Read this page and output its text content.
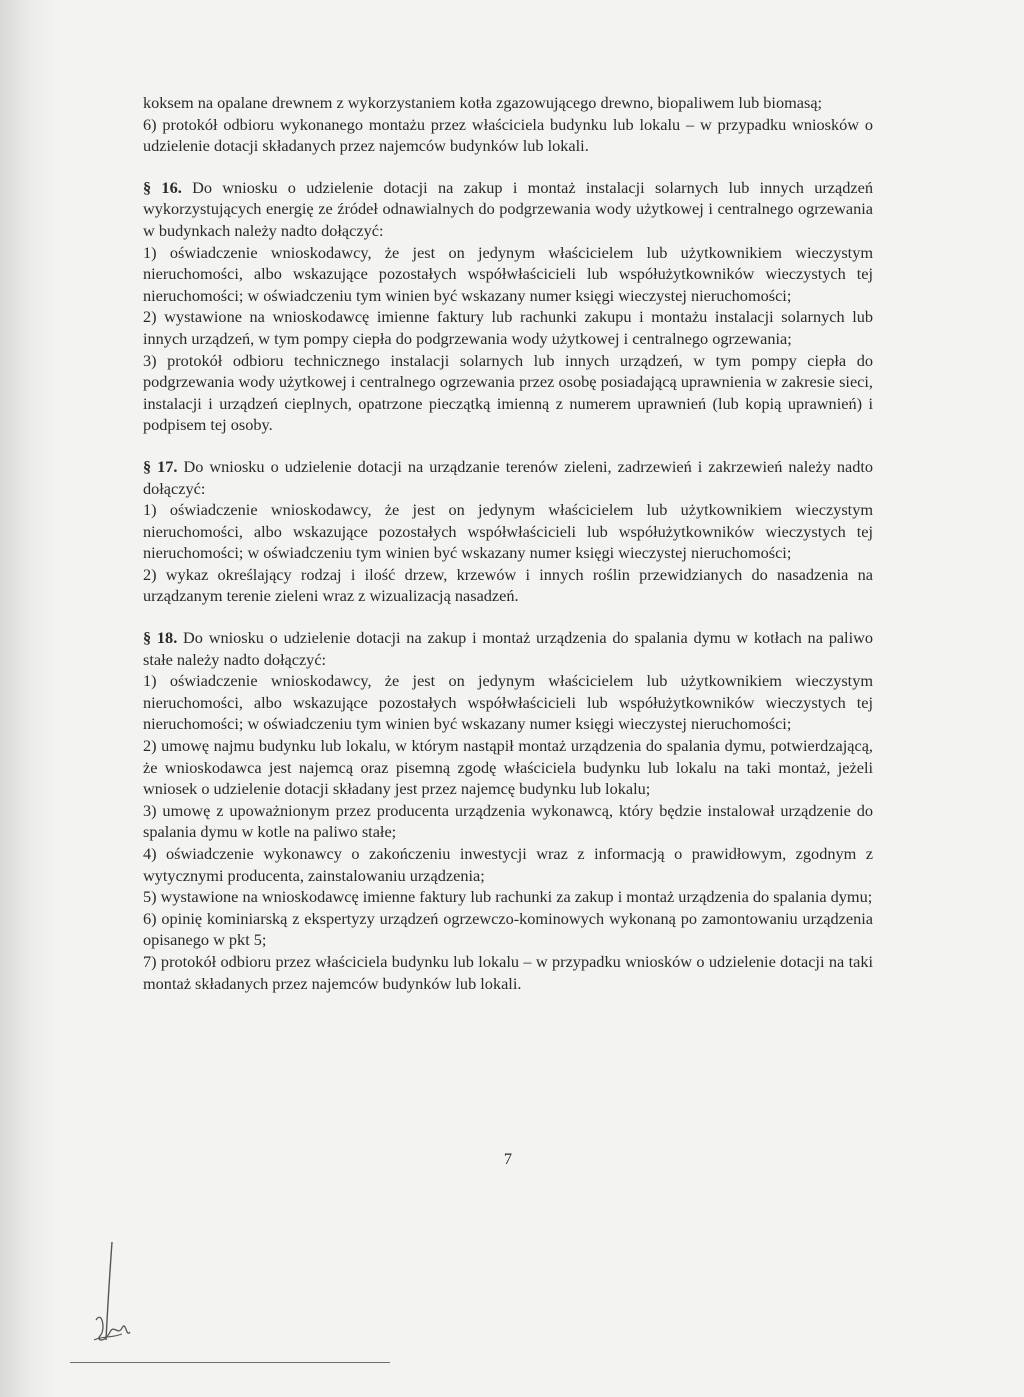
koksem na opalane drewnem z wykorzystaniem kotła zgazowującego drewno, biopaliwem lub biomasą;

6) protokół odbioru wykonanego montażu przez właściciela budynku lub lokalu – w przypadku wniosków o udzielenie dotacji składanych przez najemców budynków lub lokali.

§ 16. Do wniosku o udzielenie dotacji na zakup i montaż instalacji solarnych lub innych urządzeń wykorzystujących energię ze źródeł odnawialnych do podgrzewania wody użytkowej i centralnego ogrzewania w budynkach należy nadto dołączyć:

1) oświadczenie wnioskodawcy, że jest on jedynym właścicielem lub użytkownikiem wieczystym nieruchomości, albo wskazujące pozostałych współwłaścicieli lub współużytkowników wieczystych tej nieruchomości; w oświadczeniu tym winien być wskazany numer księgi wieczystej nieruchomości;

2) wystawione na wnioskodawcę imienne faktury lub rachunki zakupu i montażu instalacji solarnych lub innych urządzeń, w tym pompy ciepła do podgrzewania wody użytkowej i centralnego ogrzewania;

3) protokół odbioru technicznego instalacji solarnych lub innych urządzeń, w tym pompy ciepła do podgrzewania wody użytkowej i centralnego ogrzewania przez osobę posiadającą uprawnienia w zakresie sieci, instalacji i urządzeń cieplnych, opatrzone pieczątką imienną z numerem uprawnień (lub kopią uprawnień) i podpisem tej osoby.

§ 17. Do wniosku o udzielenie dotacji na urządzanie terenów zieleni, zadrzewień i zakrzewień należy nadto dołączyć:

1) oświadczenie wnioskodawcy, że jest on jedynym właścicielem lub użytkownikiem wieczystym nieruchomości, albo wskazujące pozostałych współwłaścicieli lub współużytkowników wieczystych tej nieruchomości; w oświadczeniu tym winien być wskazany numer księgi wieczystej nieruchomości;

2) wykaz określający rodzaj i ilość drzew, krzewów i innych roślin przewidzianych do nasadzenia na urządzanym terenie zieleni wraz z wizualizacją nasadzeń.

§ 18. Do wniosku o udzielenie dotacji na zakup i montaż urządzenia do spalania dymu w kotłach na paliwo stałe należy nadto dołączyć:

1) oświadczenie wnioskodawcy, że jest on jedynym właścicielem lub użytkownikiem wieczystym nieruchomości, albo wskazujące pozostałych współwłaścicieli lub współużytkowników wieczystych tej nieruchomości; w oświadczeniu tym winien być wskazany numer księgi wieczystej nieruchomości;

2) umowę najmu budynku lub lokalu, w którym nastąpił montaż urządzenia do spalania dymu, potwierdzającą, że wnioskodawca jest najemcą oraz pisemną zgodę właściciela budynku lub lokalu na taki montaż, jeżeli wniosek o udzielenie dotacji składany jest przez najemcę budynku lub lokalu;

3) umowę z upoważnionym przez producenta urządzenia wykonawcą, który będzie instalował urządzenie do spalania dymu w kotle na paliwo stałe;

4) oświadczenie wykonawcy o zakończeniu inwestycji wraz z informacją o prawidłowym, zgodnym z wytycznymi producenta, zainstalowaniu urządzenia;

5) wystawione na wnioskodawcę imienne faktury lub rachunki za zakup i montaż urządzenia do spalania dymu;

6) opinię kominiarską z ekspertyzy urządzeń ogrzewczo-kominowych wykonaną po zamontowaniu urządzenia opisanego w pkt 5;

7) protokół odbioru przez właściciela budynku lub lokalu – w przypadku wniosków o udzielenie dotacji na taki montaż składanych przez najemców budynków lub lokali.

7
